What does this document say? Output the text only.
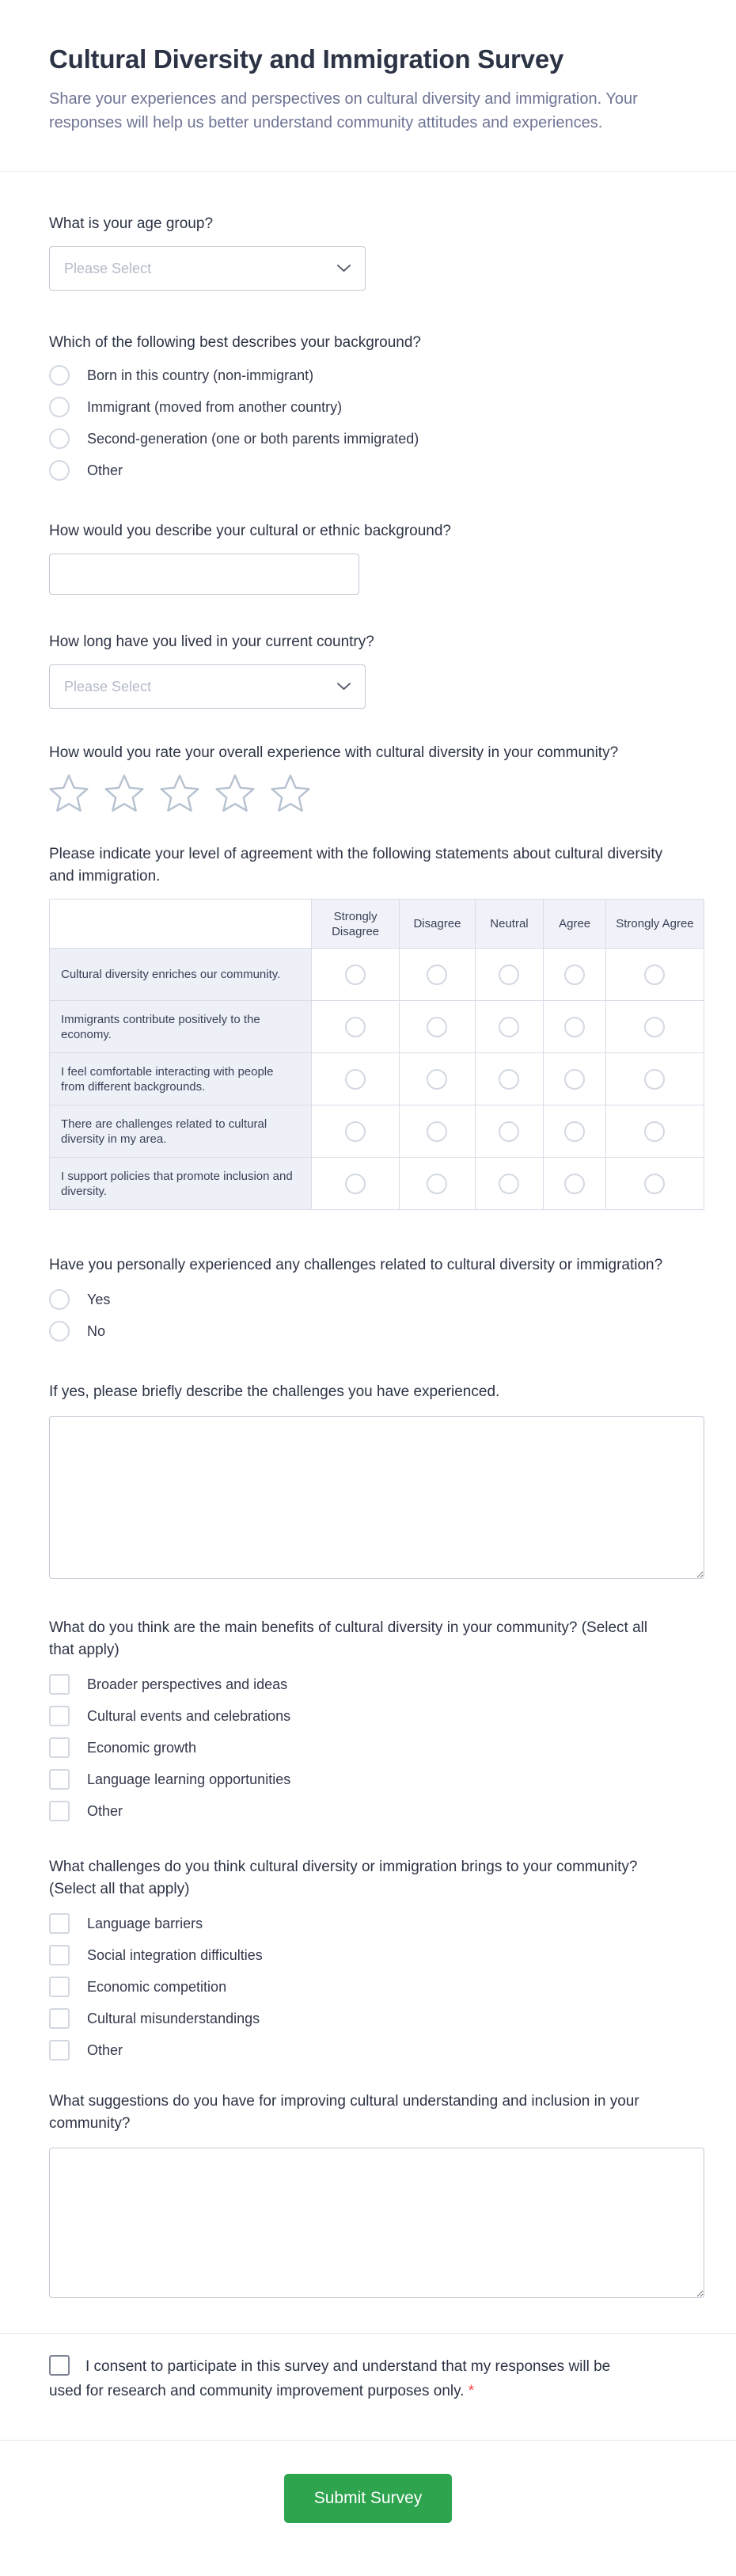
Cultural Diversity and Immigration Survey

Share your experiences and perspectives on cultural diversity and immigration. Your responses will help us better understand community attitudes and experiences.

What is your age group?
Please Select
Which of the following best describes your background?
Born in this country (non-immigrant)
Immigrant (moved from another country)
Second-generation (one or both parents immigrated)
Other
How would you describe your cultural or ethnic background?
How long have you lived in your current country?
Please Select
How would you rate your overall experience with cultural diversity in your community?
Please indicate your level of agreement with the following statements about cultural diversity and immigration.
	Strongly Disagree	Disagree	Neutral	Agree	Strongly Agree
Cultural diversity enriches our community.					
Immigrants contribute positively to the economy.					
I feel comfortable interacting with people from different backgrounds.					
There are challenges related to cultural diversity in my area.					
I support policies that promote inclusion and diversity.					
Have you personally experienced any challenges related to cultural diversity or immigration?
Yes
No
If yes, please briefly describe the challenges you have experienced.
What do you think are the main benefits of cultural diversity in your community? (Select all that apply)
Broader perspectives and ideas
Cultural events and celebrations
Economic growth
Language learning opportunities
Other
What challenges do you think cultural diversity or immigration brings to your community? (Select all that apply)
Language barriers
Social integration difficulties
Economic competition
Cultural misunderstandings
Other
What suggestions do you have for improving cultural understanding and inclusion in your community?

I consent to participate in this survey and understand that my responses will be used for research and community improvement purposes only. *

Submit Survey
